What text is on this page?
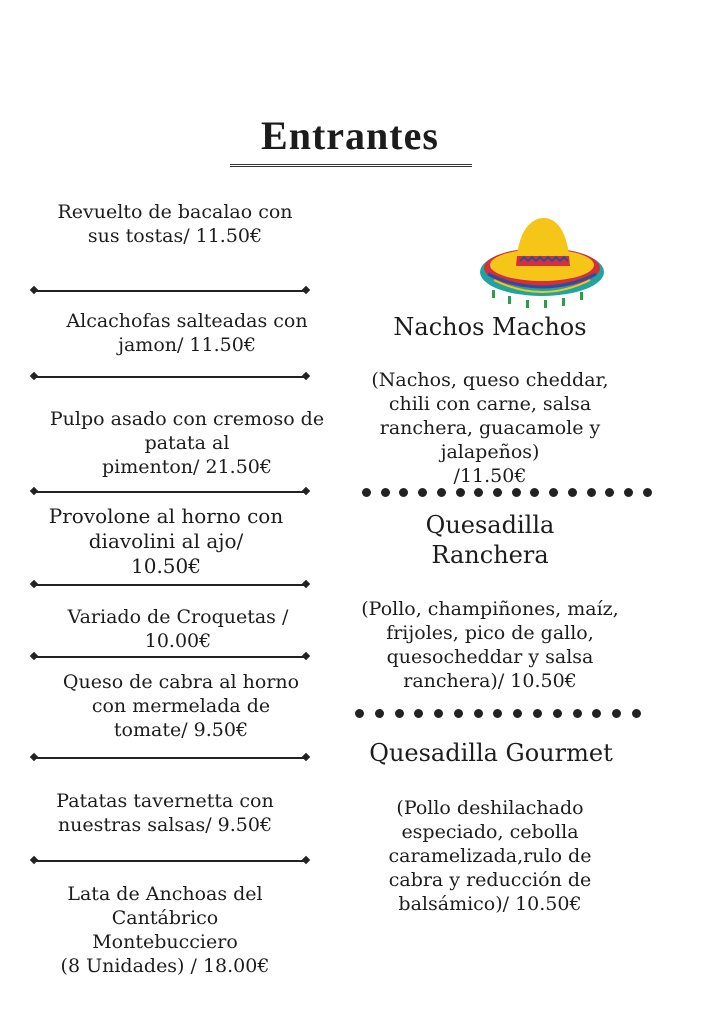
Entrantes
Revuelto de bacalao con
sus tostas/ 11.50€
Alcachofas salteadas con
jamon/ 11.50€
Pulpo asado con cremoso de
patata al
pimenton/ 21.50€
Provolone al horno con
diavolini al ajo/
10.50€
Variado de Croquetas /
10.00€
Queso de cabra al horno
con mermelada de
tomate/ 9.50€
Patatas tavernetta con
nuestras salsas/ 9.50€
Lata de Anchoas del
Cantábrico
Montebucciero
(8 Unidades) / 18.00€
Nachos Machos
(Nachos, queso cheddar,
chili con carne, salsa
ranchera, guacamole y
jalapeños)
/11.50€
Quesadilla
Ranchera
(Pollo, champiñones, maíz,
frijoles, pico de gallo,
quesocheddar y salsa
ranchera)/ 10.50€
Quesadilla Gourmet
(Pollo deshilachado
especiado, cebolla
caramelizada,rulo de
cabra y reducción de
balsámico)/ 10.50€
